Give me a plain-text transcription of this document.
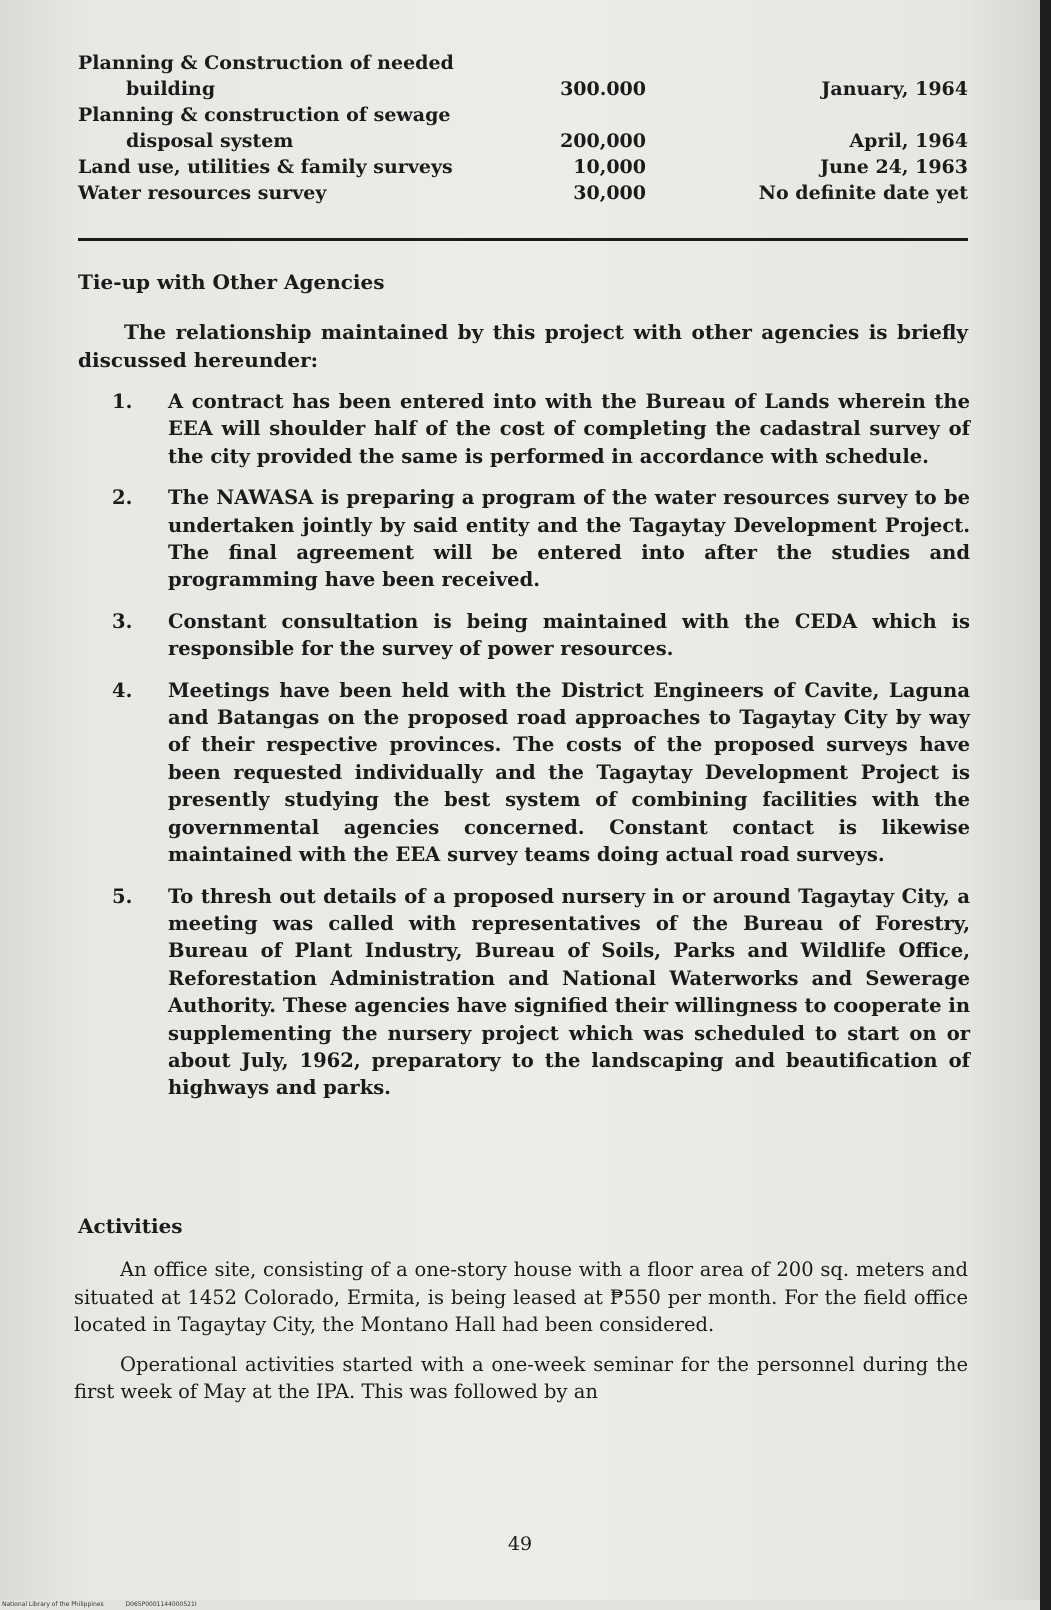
Planning & Construction of needed
building	300.000	January, 1964
Planning & construction of sewage
disposal system	200,000	April, 1964
Land use, utilities & family surveys	10,000	June 24, 1963
Water resources survey	30,000	No definite date yet
Tie-up with Other Agencies

The relationship maintained by this project with other agencies is briefly discussed hereunder:

1. A contract has been entered into with the Bureau of Lands wherein the EEA will shoulder half of the cost of completing the cadastral survey of the city provided the same is performed in accordance with schedule.
2. The NAWASA is preparing a program of the water resources survey to be undertaken jointly by said entity and the Tagaytay Development Project. The final agreement will be entered into after the studies and programming have been received.
3. Constant consultation is being maintained with the CEDA which is responsible for the survey of power resources.
4. Meetings have been held with the District Engineers of Cavite, Laguna and Batangas on the proposed road approaches to Tagaytay City by way of their respective provinces. The costs of the proposed surveys have been requested individually and the Tagaytay Development Project is presently studying the best system of combining facilities with the governmental agencies concerned. Constant contact is likewise maintained with the EEA survey teams doing actual road surveys.
5. To thresh out details of a proposed nursery in or around Tagaytay City, a meeting was called with representatives of the Bureau of Forestry, Bureau of Plant Industry, Bureau of Soils, Parks and Wildlife Office, Reforestation Administration and National Waterworks and Sewerage Authority. These agencies have signified their willingness to cooperate in supplementing the nursery project which was scheduled to start on or about July, 1962, preparatory to the landscaping and beautification of highways and parks.
Activities

An office site, consisting of a one-story house with a floor area of 200 sq. meters and situated at 1452 Colorado, Ermita, is being leased at ₱550 per month. For the field office located in Tagaytay City, the Montano Hall had been considered.

Operational activities started with a one-week seminar for the personnel during the first week of May at the IPA. This was followed by an

49
National Library of the Philippines	D065P0001144000521I
